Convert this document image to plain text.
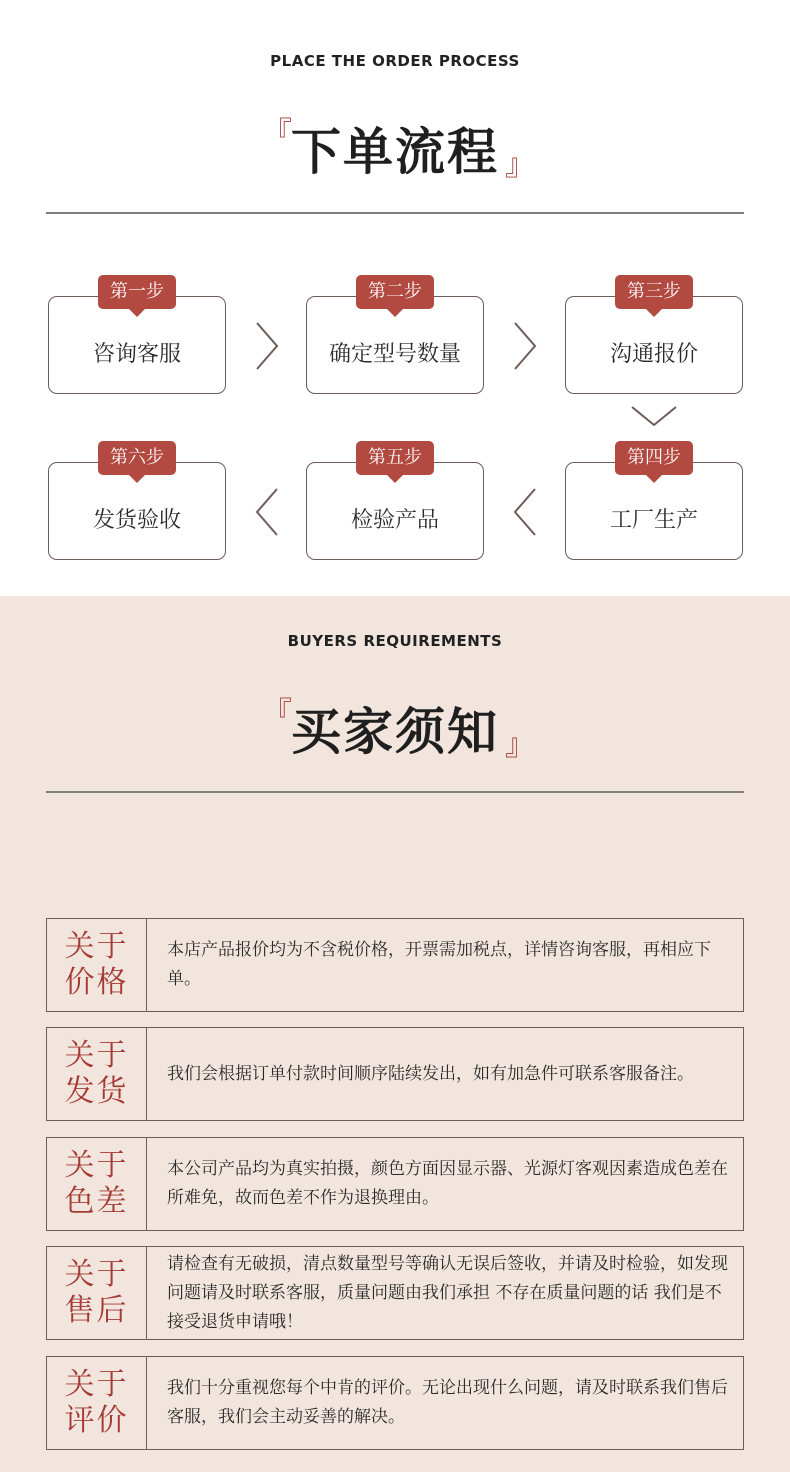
PLACE THE ORDER PROCESS
『 下单流程 』
第一步
咨询客服
第二步
确定型号数量
第三步
沟通报价
第六步
发货验收
第五步
检验产品
第四步
工厂生产
BUYERS REQUIREMENTS
『 买家须知 』
关于
价格
本店产品报价均为不含税价格，开票需加税点，详情咨询客服，再相应下单。
关于
发货
我们会根据订单付款时间顺序陆续发出，如有加急件可联系客服备注。
关于
色差
本公司产品均为真实拍摄，颜色方面因显示器、光源灯客观因素造成色差在所难免，故而色差不作为退换理由。
关于
售后
请检查有无破损，清点数量型号等确认无误后签收，并请及时检验，如发现问题请及时联系客服，质量问题由我们承担 不存在质量问题的话 我们是不接受退货申请哦！
关于
评价
我们十分重视您每个中肯的评价。无论出现什么问题，请及时联系我们售后客服，我们会主动妥善的解决。
